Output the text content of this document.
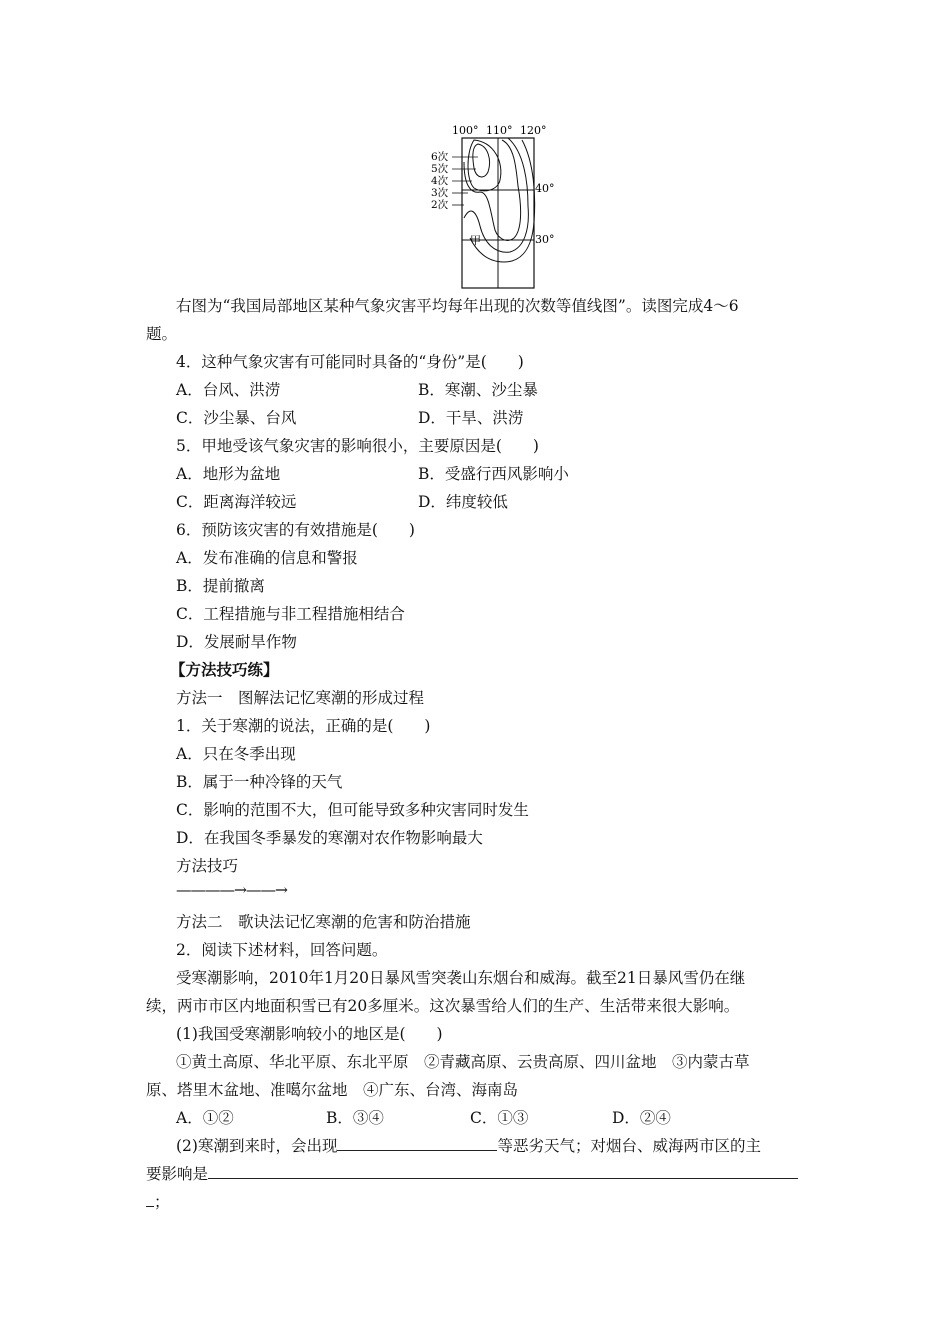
100° 110° 120°
40°
30°
6次
5次
4次
3次
2次
甲
右图为“我国局部地区某种气象灾害平均每年出现的次数等值线图”。读图完成4～6
题。
4．这种气象灾害有可能同时具备的“身份”是(　　)
A．台风、洪涝	B．寒潮、沙尘暴
C．沙尘暴、台风	D．干旱、洪涝
5．甲地受该气象灾害的影响很小，主要原因是(　　)
A．地形为盆地	B．受盛行西风影响小
C．距离海洋较远	D．纬度较低
6．预防该灾害的有效措施是(　　)
A．发布准确的信息和警报
B．提前撤离
C．工程措施与非工程措施相结合
D．发展耐旱作物
【方法技巧练】
方法一　图解法记忆寒潮的形成过程
1．关于寒潮的说法，正确的是(　　)
A．只在冬季出现
B．属于一种冷锋的天气
C．影响的范围不大，但可能导致多种灾害同时发生
D．在我国冬季暴发的寒潮对农作物影响最大
方法技巧
————→——→
方法二　歌诀法记忆寒潮的危害和防治措施
2．阅读下述材料，回答问题。
受寒潮影响，2010年1月20日暴风雪突袭山东烟台和威海。截至21日暴风雪仍在继
续，两市市区内地面积雪已有20多厘米。这次暴雪给人们的生产、生活带来很大影响。
(1)我国受寒潮影响较小的地区是(　　)
①黄土高原、华北平原、东北平原　②青藏高原、云贵高原、四川盆地　③内蒙古草
原、塔里木盆地、准噶尔盆地　④广东、台湾、海南岛
A．①②	B．③④	C．①③	D．②④
(2)寒潮到来时，会出现	等恶劣天气；对烟台、威海两市区的主
要影响是
；
